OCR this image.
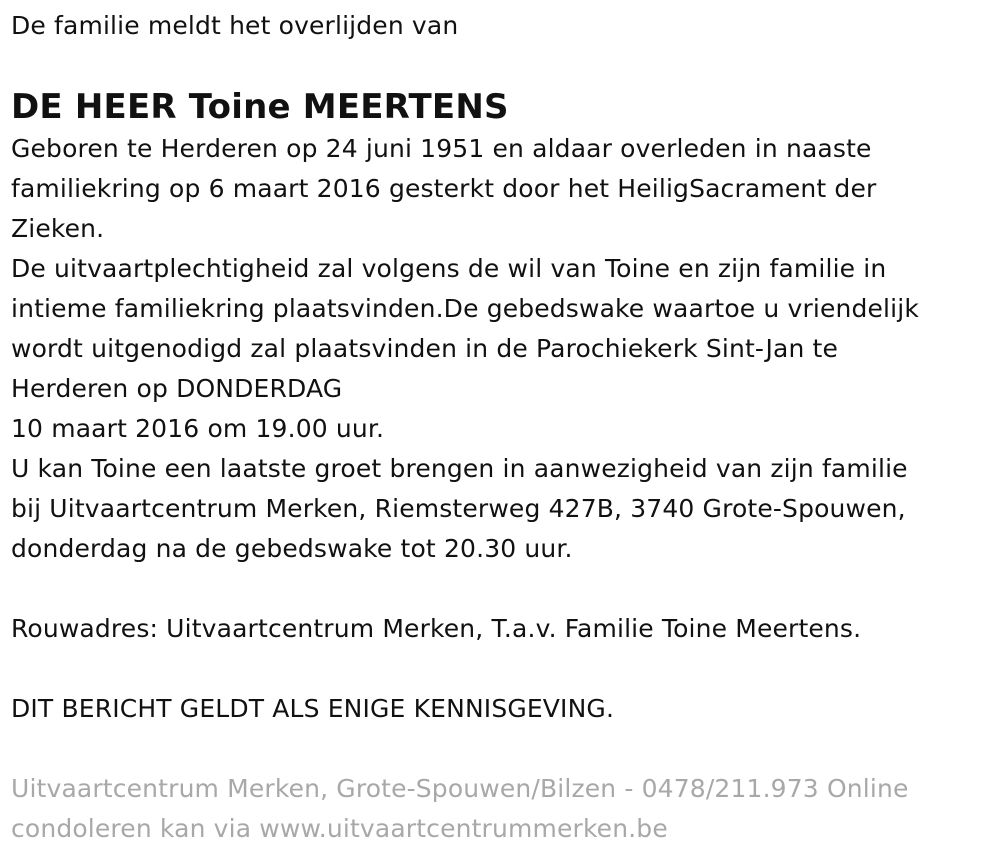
De familie meldt het overlijden van
DE HEER Toine MEERTENS
Geboren te Herderen op 24 juni 1951 en aldaar overleden in naaste
familiekring op 6 maart 2016 gesterkt door het HeiligSacrament der
Zieken.
De uitvaartplechtigheid zal volgens de wil van Toine en zijn familie in
intieme familiekring plaatsvinden.De gebedswake waartoe u vriendelijk
wordt uitgenodigd zal plaatsvinden in de Parochiekerk Sint-Jan te
Herderen op DONDERDAG
10 maart 2016 om 19.00 uur.
U kan Toine een laatste groet brengen in aanwezigheid van zijn familie
bij Uitvaartcentrum Merken, Riemsterweg 427B, 3740 Grote-Spouwen,
donderdag na de gebedswake tot 20.30 uur.
Rouwadres: Uitvaartcentrum Merken, T.a.v. Familie Toine Meertens.
DIT BERICHT GELDT ALS ENIGE KENNISGEVING.
Uitvaartcentrum Merken, Grote-Spouwen/Bilzen - 0478/211.973 Online
condoleren kan via www.uitvaartcentrummerken.be
